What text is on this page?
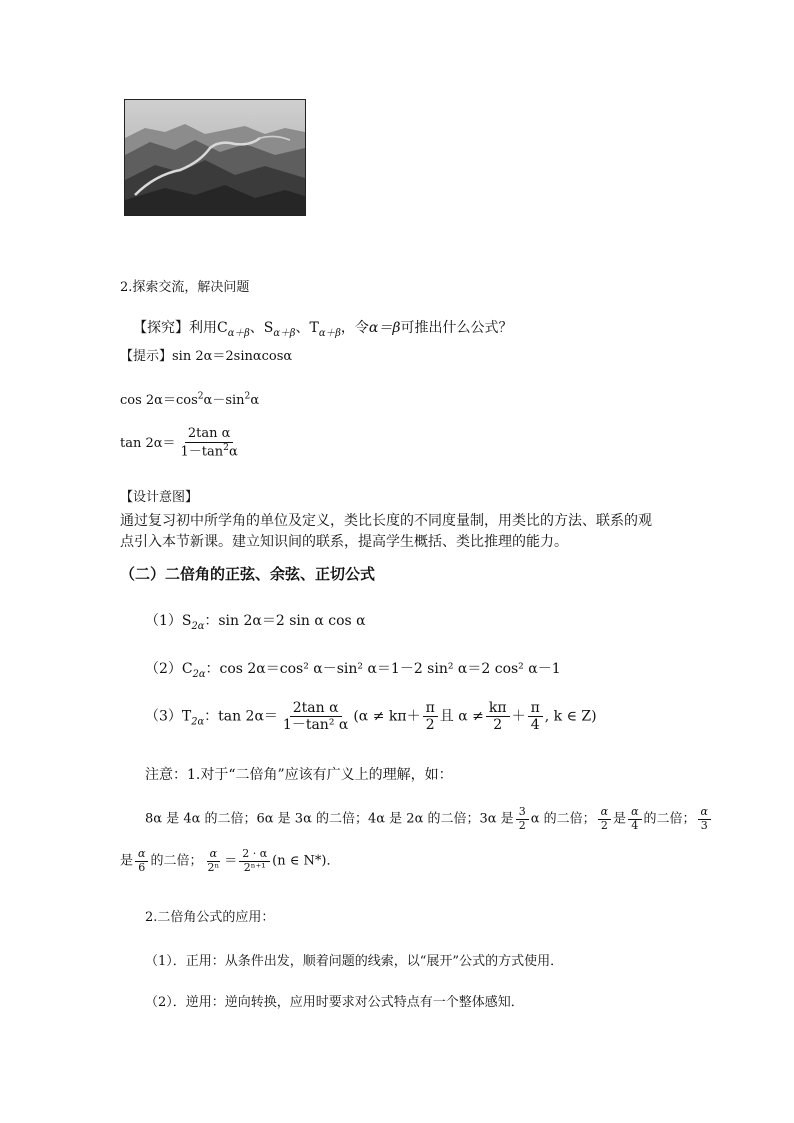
2.探索交流，解决问题
【探究】利用$C_{\alpha+\beta}$、$S_{\alpha+\beta}$、$T_{\alpha+\beta}$，令α＝β可推出什么公式？
【提示】sin 2α＝2sinαcosα
$\cos 2\alpha=\cos^2\alpha-\sin^2\alpha$
$\tan 2\alpha= \frac{\text{2tan α}}{1-\tan^2\alpha}$
【设计意图】
通过复习初中所学角的单位及定义，类比长度的不同度量制，用类比的方法、联系的观
点引入本节新课。建立知识间的联系，提高学生概括、类比推理的能力。
（二）二倍角的正弦、余弦、正切公式
$(1)S_{2\alpha}$：sin 2α＝2 sin α cos α
$(2)C_{2\alpha}$：cos 2α＝cos² α－sin² α＝1－2 sin² α＝2 cos² α－1
$(3)T_{2\alpha}$：$\tan 2\alpha= \frac{\text{2tan α}}{\text{1－tan² α}} (\alpha \ne k\pi+ \frac{\pi}{2}$ 且 $\alpha \ne \frac{k\pi}{2} + \frac{\pi}{4}$ , k ∈ Z)
注意：1.对于“二倍角”应该有广义上的理解，如：
8α 是 4α 的二倍；6α 是 3α 的二倍；4α 是 2α 的二倍；3α 是 $\frac{3}{2}$ α 的二倍； $\frac{\alpha}{2}$ 是 $\frac{\alpha}{4}$ 的二倍； $\frac{\alpha}{3}$
是 $\frac{\alpha}{6}$ 的二倍； $\frac{\alpha}{\text{2ⁿ}} = \frac{2 \cdot \alpha}{\text{2ⁿ⁺¹}} (n$ ∈ N*)．
2.二倍角公式的应用：
（1）．正用：从条件出发，顺着问题的线索，以“展开”公式的方式使用．
（2）．逆用：逆向转换，应用时要求对公式特点有一个整体感知．
